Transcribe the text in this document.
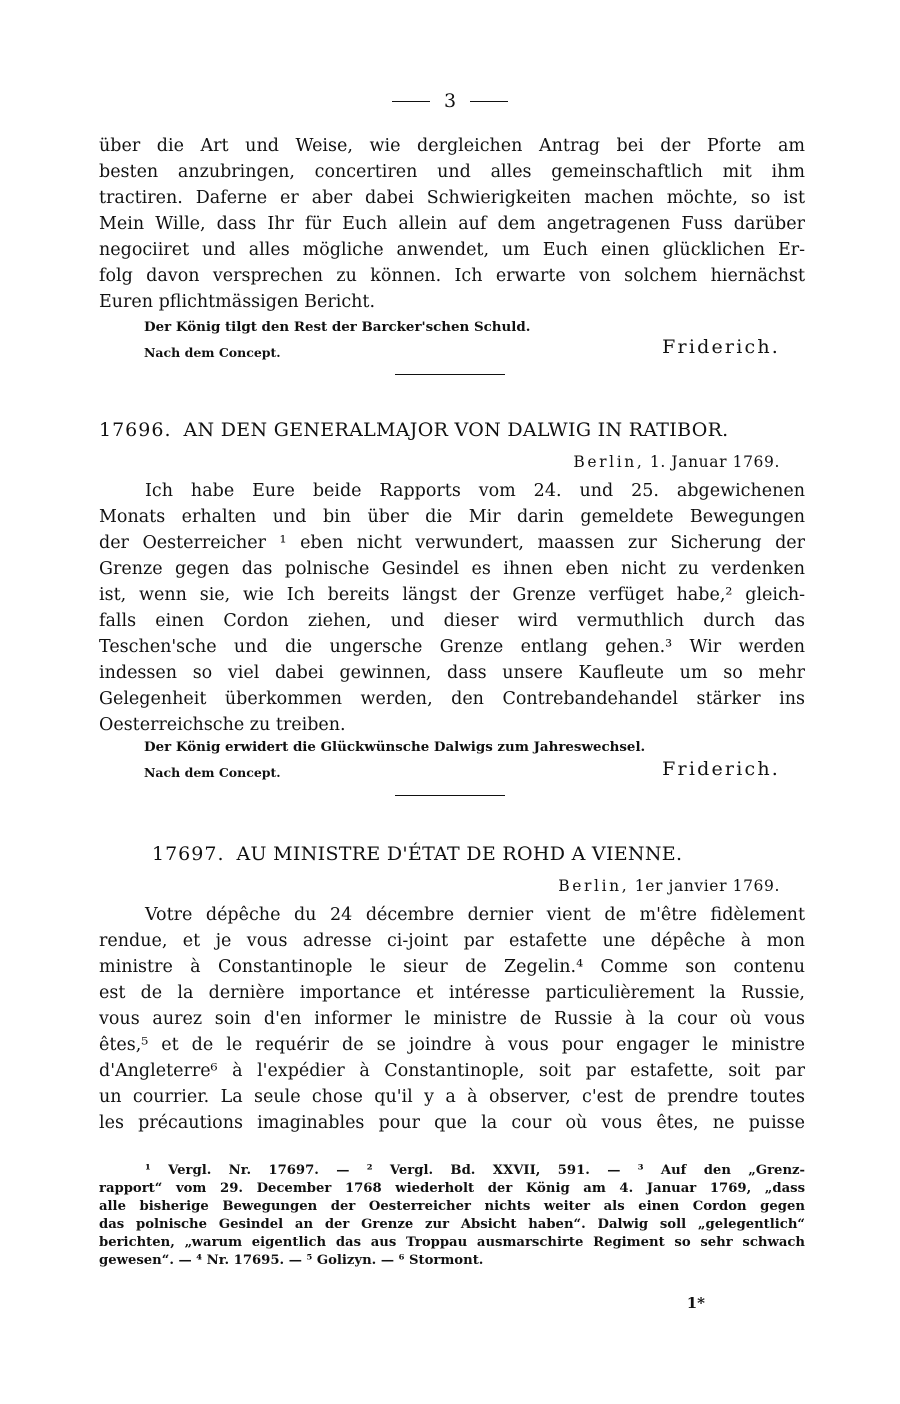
3
über die Art und Weise, wie dergleichen Antrag bei der Pforte am
besten anzubringen, concertiren und alles gemeinschaftlich mit ihm
tractiren. Daferne er aber dabei Schwierigkeiten machen möchte, so ist
Mein Wille, dass Ihr für Euch allein auf dem angetragenen Fuss darüber
negociiret und alles mögliche anwendet, um Euch einen glücklichen Er-
folg davon versprechen zu können. Ich erwarte von solchem hiernächst
Euren pflichtmässigen Bericht.
Der König tilgt den Rest der Barcker'schen Schuld.
Nach dem Concept.	Friderich.
17696. AN DEN GENERALMAJOR VON DALWIG IN RATIBOR.
Berlin, 1. Januar 1769.
Ich habe Eure beide Rapports vom 24. und 25. abgewichenen
Monats erhalten und bin über die Mir darin gemeldete Bewegungen
der Oesterreicher ¹ eben nicht verwundert, maassen zur Sicherung der
Grenze gegen das polnische Gesindel es ihnen eben nicht zu verdenken
ist, wenn sie, wie Ich bereits längst der Grenze verfüget habe,² gleich-
falls einen Cordon ziehen, und dieser wird vermuthlich durch das
Teschen'sche und die ungersche Grenze entlang gehen.³ Wir werden
indessen so viel dabei gewinnen, dass unsere Kaufleute um so mehr
Gelegenheit überkommen werden, den Contrebandehandel stärker ins
Oesterreichsche zu treiben.
Der König erwidert die Glückwünsche Dalwigs zum Jahreswechsel.
Nach dem Concept.	Friderich.
17697. AU MINISTRE D'ÉTAT DE ROHD A VIENNE.
Berlin, 1er janvier 1769.
Votre dépêche du 24 décembre dernier vient de m'être fidèlement
rendue, et je vous adresse ci-joint par estafette une dépêche à mon
ministre à Constantinople le sieur de Zegelin.⁴ Comme son contenu
est de la dernière importance et intéresse particulièrement la Russie,
vous aurez soin d'en informer le ministre de Russie à la cour où vous
êtes,⁵ et de le requérir de se joindre à vous pour engager le ministre
d'Angleterre⁶ à l'expédier à Constantinople, soit par estafette, soit par
un courrier. La seule chose qu'il y a à observer, c'est de prendre toutes
les précautions imaginables pour que la cour où vous êtes, ne puisse
¹ Vergl. Nr. 17697. — ² Vergl. Bd. XXVII, 591. — ³ Auf den „Grenz-
rapport“ vom 29. December 1768 wiederholt der König am 4. Januar 1769, „dass
alle bisherige Bewegungen der Oesterreicher nichts weiter als einen Cordon gegen
das polnische Gesindel an der Grenze zur Absicht haben“. Dalwig soll „gelegentlich“
berichten, „warum eigentlich das aus Troppau ausmarschirte Regiment so sehr schwach
gewesen“. — ⁴ Nr. 17695. — ⁵ Golizyn. — ⁶ Stormont.
1*
